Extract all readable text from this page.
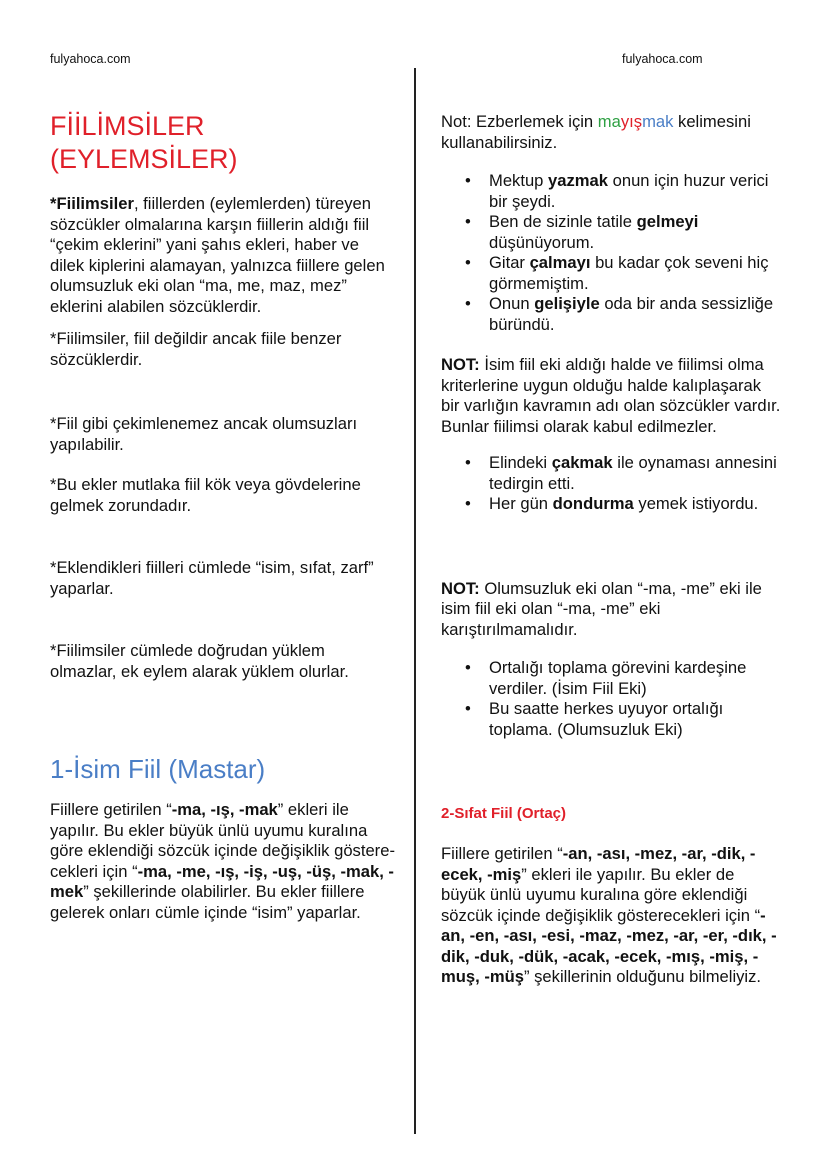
fulyahoca.com	fulyahoca.com
FİİLİMSİLER
(EYLEMSİLER)

*Fiilimsiler, fiillerden (eylemlerden) türeyen sözcükler olmalarına karşın fiillerin aldığı fiil “çekim eklerini” yani şahıs ekleri, haber ve dilek kiplerini alamayan, yalnızca fiillere gelen olumsuzluk eki olan “ma, me, maz, mez” eklerini alabilen sözcüklerdir.

*Fiilimsiler, fiil değildir ancak fiile benzer sözcüklerdir.

*Fiil gibi çekimlenemez ancak olumsuzları yapılabilir.

*Bu ekler mutlaka fiil kök veya gövdelerine gelmek zorundadır.

*Eklendikleri fiilleri cümlede “isim, sıfat, zarf” yaparlar.

*Fiilimsiler cümlede doğrudan yüklem olmazlar, ek eylem alarak yüklem olurlar.

1-İsim Fiil (Mastar)

Fiillere getirilen “-ma, -ış, -mak” ekleri ile yapılır. Bu ekler büyük ünlü uyumu kuralına göre eklendiği sözcük içinde değişiklik gösterecekleri için “-ma, -me, -ış, -iş, -uş, -üş, -mak, -mek” şekillerinde olabilirler. Bu ekler fiillere gelerek onları cümle içinde “isim” yaparlar.

Not: Ezberlemek için mayışmak kelimesini kullanabilirsiniz.

• Mektup yazmak onun için huzur verici bir şeydi.
• Ben de sizinle tatile gelmeyi düşünüyorum.
• Gitar çalmayı bu kadar çok seveni hiç görmemiştim.
• Onun gelişiyle oda bir anda sessizliğe büründü.

NOT: İsim fiil eki aldığı halde ve fiilimsi olma kriterlerine uygun olduğu halde kalıplaşarak bir varlığın kavramın adı olan sözcükler vardır. Bunlar fiilimsi olarak kabul edilmezler.

• Elindeki çakmak ile oynaması annesini tedirgin etti.
• Her gün dondurma yemek istiyordu.

NOT: Olumsuzluk eki olan “-ma, -me” eki ile isim fiil eki olan “-ma, -me” eki karıştırılmamalıdır.

• Ortalığı toplama görevini kardeşine verdiler. (İsim Fiil Eki)
• Bu saatte herkes uyuyor ortalığı toplama. (Olumsuzluk Eki)
2-Sıfat Fiil (Ortaç)

Fiillere getirilen “-an, -ası, -mez, -ar, -dik, -ecek, -miş” ekleri ile yapılır. Bu ekler de büyük ünlü uyumu kuralına göre eklendiği sözcük içinde değişiklik gösterecekleri için “-an, -en, -ası, -esi, -maz, -mez, -ar, -er, -dık, -dik, -duk, -dük, -acak, -ecek, -mış, -miş, -muş, -müş” şekillerinin olduğunu bilmeliyiz.
